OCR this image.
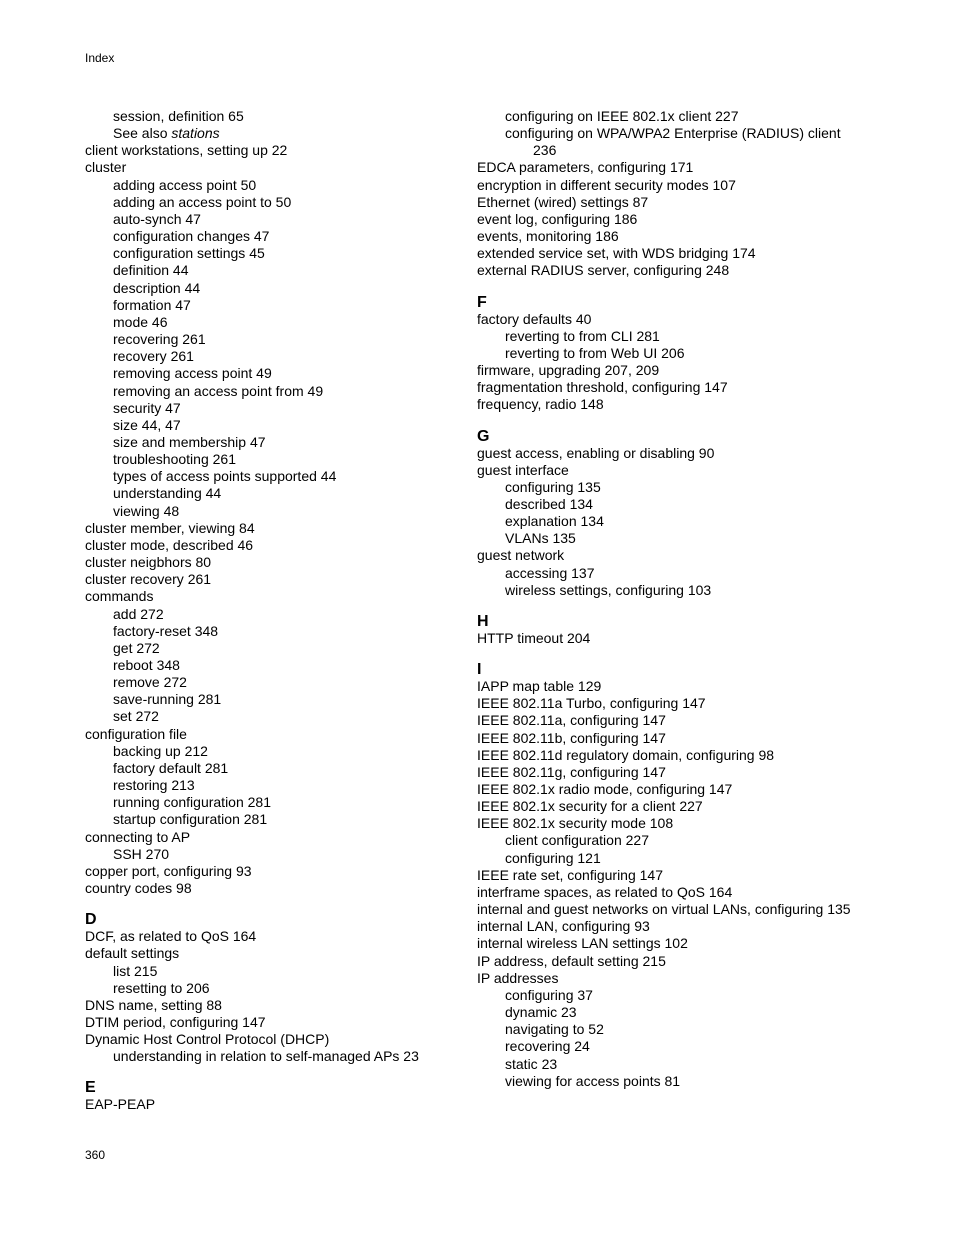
Index
session, definition 65
See also stations
client workstations, setting up 22
cluster
adding access point 50
adding an access point to 50
auto-synch 47
configuration changes 47
configuration settings 45
definition 44
description 44
formation 47
mode 46
recovering 261
recovery 261
removing access point 49
removing an access point from 49
security 47
size 44, 47
size and membership 47
troubleshooting 261
types of access points supported 44
understanding 44
viewing 48
cluster member, viewing 84
cluster mode, described 46
cluster neigbhors 80
cluster recovery 261
commands
add 272
factory-reset 348
get 272
reboot 348
remove 272
save-running 281
set 272
configuration file
backing up 212
factory default 281
restoring 213
running configuration 281
startup configuration 281
connecting to AP
SSH 270
copper port, configuring 93
country codes 98
D
DCF, as related to QoS 164
default settings
list 215
resetting to 206
DNS name, setting 88
DTIM period, configuring 147
Dynamic Host Control Protocol (DHCP)
understanding in relation to self-managed APs 23
E
EAP-PEAP
configuring on IEEE 802.1x client 227
configuring on WPA/WPA2 Enterprise (RADIUS) client 236
EDCA parameters, configuring 171
encryption in different security modes 107
Ethernet (wired) settings 87
event log, configuring 186
events, monitoring 186
extended service set, with WDS bridging 174
external RADIUS server, configuring 248
F
factory defaults 40
reverting to from CLI 281
reverting to from Web UI 206
firmware, upgrading 207, 209
fragmentation threshold, configuring 147
frequency, radio 148
G
guest access, enabling or disabling 90
guest interface
configuring 135
described 134
explanation 134
VLANs 135
guest network
accessing 137
wireless settings, configuring 103
H
HTTP timeout 204
I
IAPP map table 129
IEEE 802.11a Turbo, configuring 147
IEEE 802.11a, configuring 147
IEEE 802.11b, configuring 147
IEEE 802.11d regulatory domain, configuring 98
IEEE 802.11g, configuring 147
IEEE 802.1x radio mode, configuring 147
IEEE 802.1x security for a client 227
IEEE 802.1x security mode 108
client configuration 227
configuring 121
IEEE rate set, configuring 147
interframe spaces, as related to QoS 164
internal and guest networks on virtual LANs, configuring 135
internal LAN, configuring 93
internal wireless LAN settings 102
IP address, default setting 215
IP addresses
configuring 37
dynamic 23
navigating to 52
recovering 24
static 23
viewing for access points 81
360
